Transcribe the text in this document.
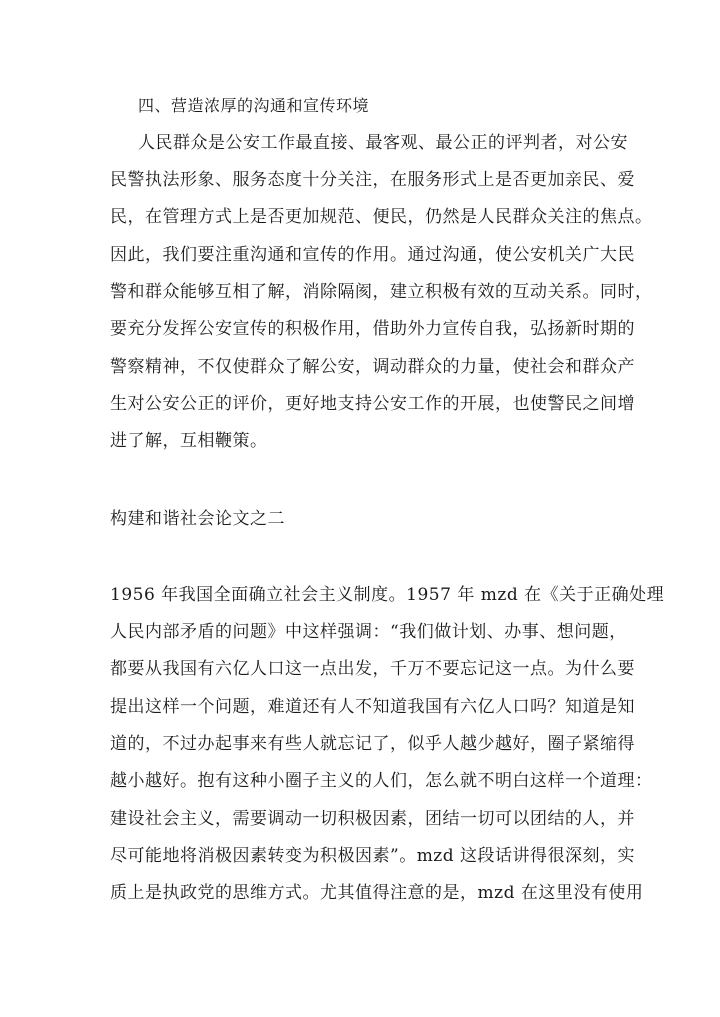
四、营造浓厚的沟通和宣传环境
人民群众是公安工作最直接、最客观、最公正的评判者，对公安
民警执法形象、服务态度十分关注，在服务形式上是否更加亲民、爱
民，在管理方式上是否更加规范、便民，仍然是人民群众关注的焦点。
因此，我们要注重沟通和宣传的作用。通过沟通，使公安机关广大民
警和群众能够互相了解，消除隔阂，建立积极有效的互动关系。同时，
要充分发挥公安宣传的积极作用，借助外力宣传自我，弘扬新时期的
警察精神，不仅使群众了解公安，调动群众的力量，使社会和群众产
生对公安公正的评价，更好地支持公安工作的开展，也使警民之间增
进了解，互相鞭策。
构建和谐社会论文之二
1956 年我国全面确立社会主义制度。1957 年 mzd 在《关于正确处理
人民内部矛盾的问题》中这样强调：“我们做计划、办事、想问题，
都要从我国有六亿人口这一点出发，千万不要忘记这一点。为什么要
提出这样一个问题，难道还有人不知道我国有六亿人口吗？知道是知
道的，不过办起事来有些人就忘记了，似乎人越少越好，圈子紧缩得
越小越好。抱有这种小圈子主义的人们，怎么就不明白这样一个道理：
建设社会主义，需要调动一切积极因素，团结一切可以团结的人，并
尽可能地将消极因素转变为积极因素”。mzd 这段话讲得很深刻，实
质上是执政党的思维方式。尤其值得注意的是，mzd 在这里没有使用
